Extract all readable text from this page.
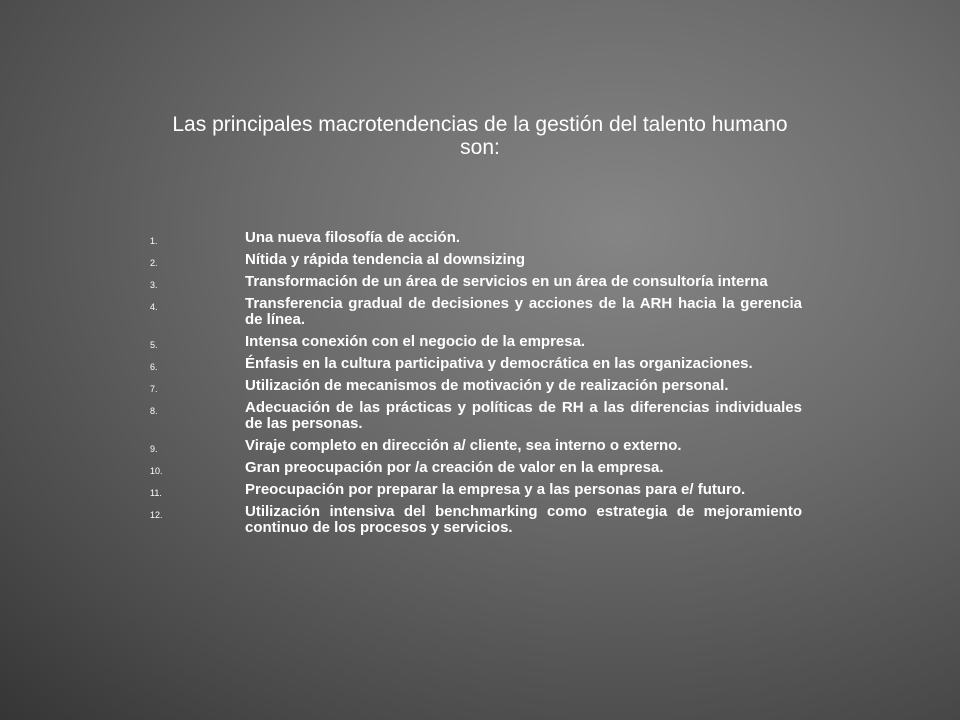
Las principales macrotendencias de la gestión del talento humano son:
1.	Una nueva filosofía de acción.
2.	Nítida y rápida tendencia al downsizing
3.	Transformación de un área de servicios en un área de consultoría interna
4.	Transferencia gradual de decisiones y acciones de la ARH hacia la gerencia de línea.
5.	Intensa conexión con el negocio de la empresa.
6.	Énfasis en la cultura participativa y democrática en las organizaciones.
7.	Utilización de mecanismos de motivación y de realización personal.
8.	Adecuación de las prácticas y políticas de RH a las diferencias individuales de las personas.
9.	Viraje completo en dirección a/ cliente, sea interno o externo.
10.	Gran preocupación por /a creación de valor en la empresa.
11.	Preocupación por preparar la empresa y a las personas para e/ futuro.
12.	Utilización intensiva del benchmarking como estrategia de mejoramiento continuo de los procesos y servicios.
